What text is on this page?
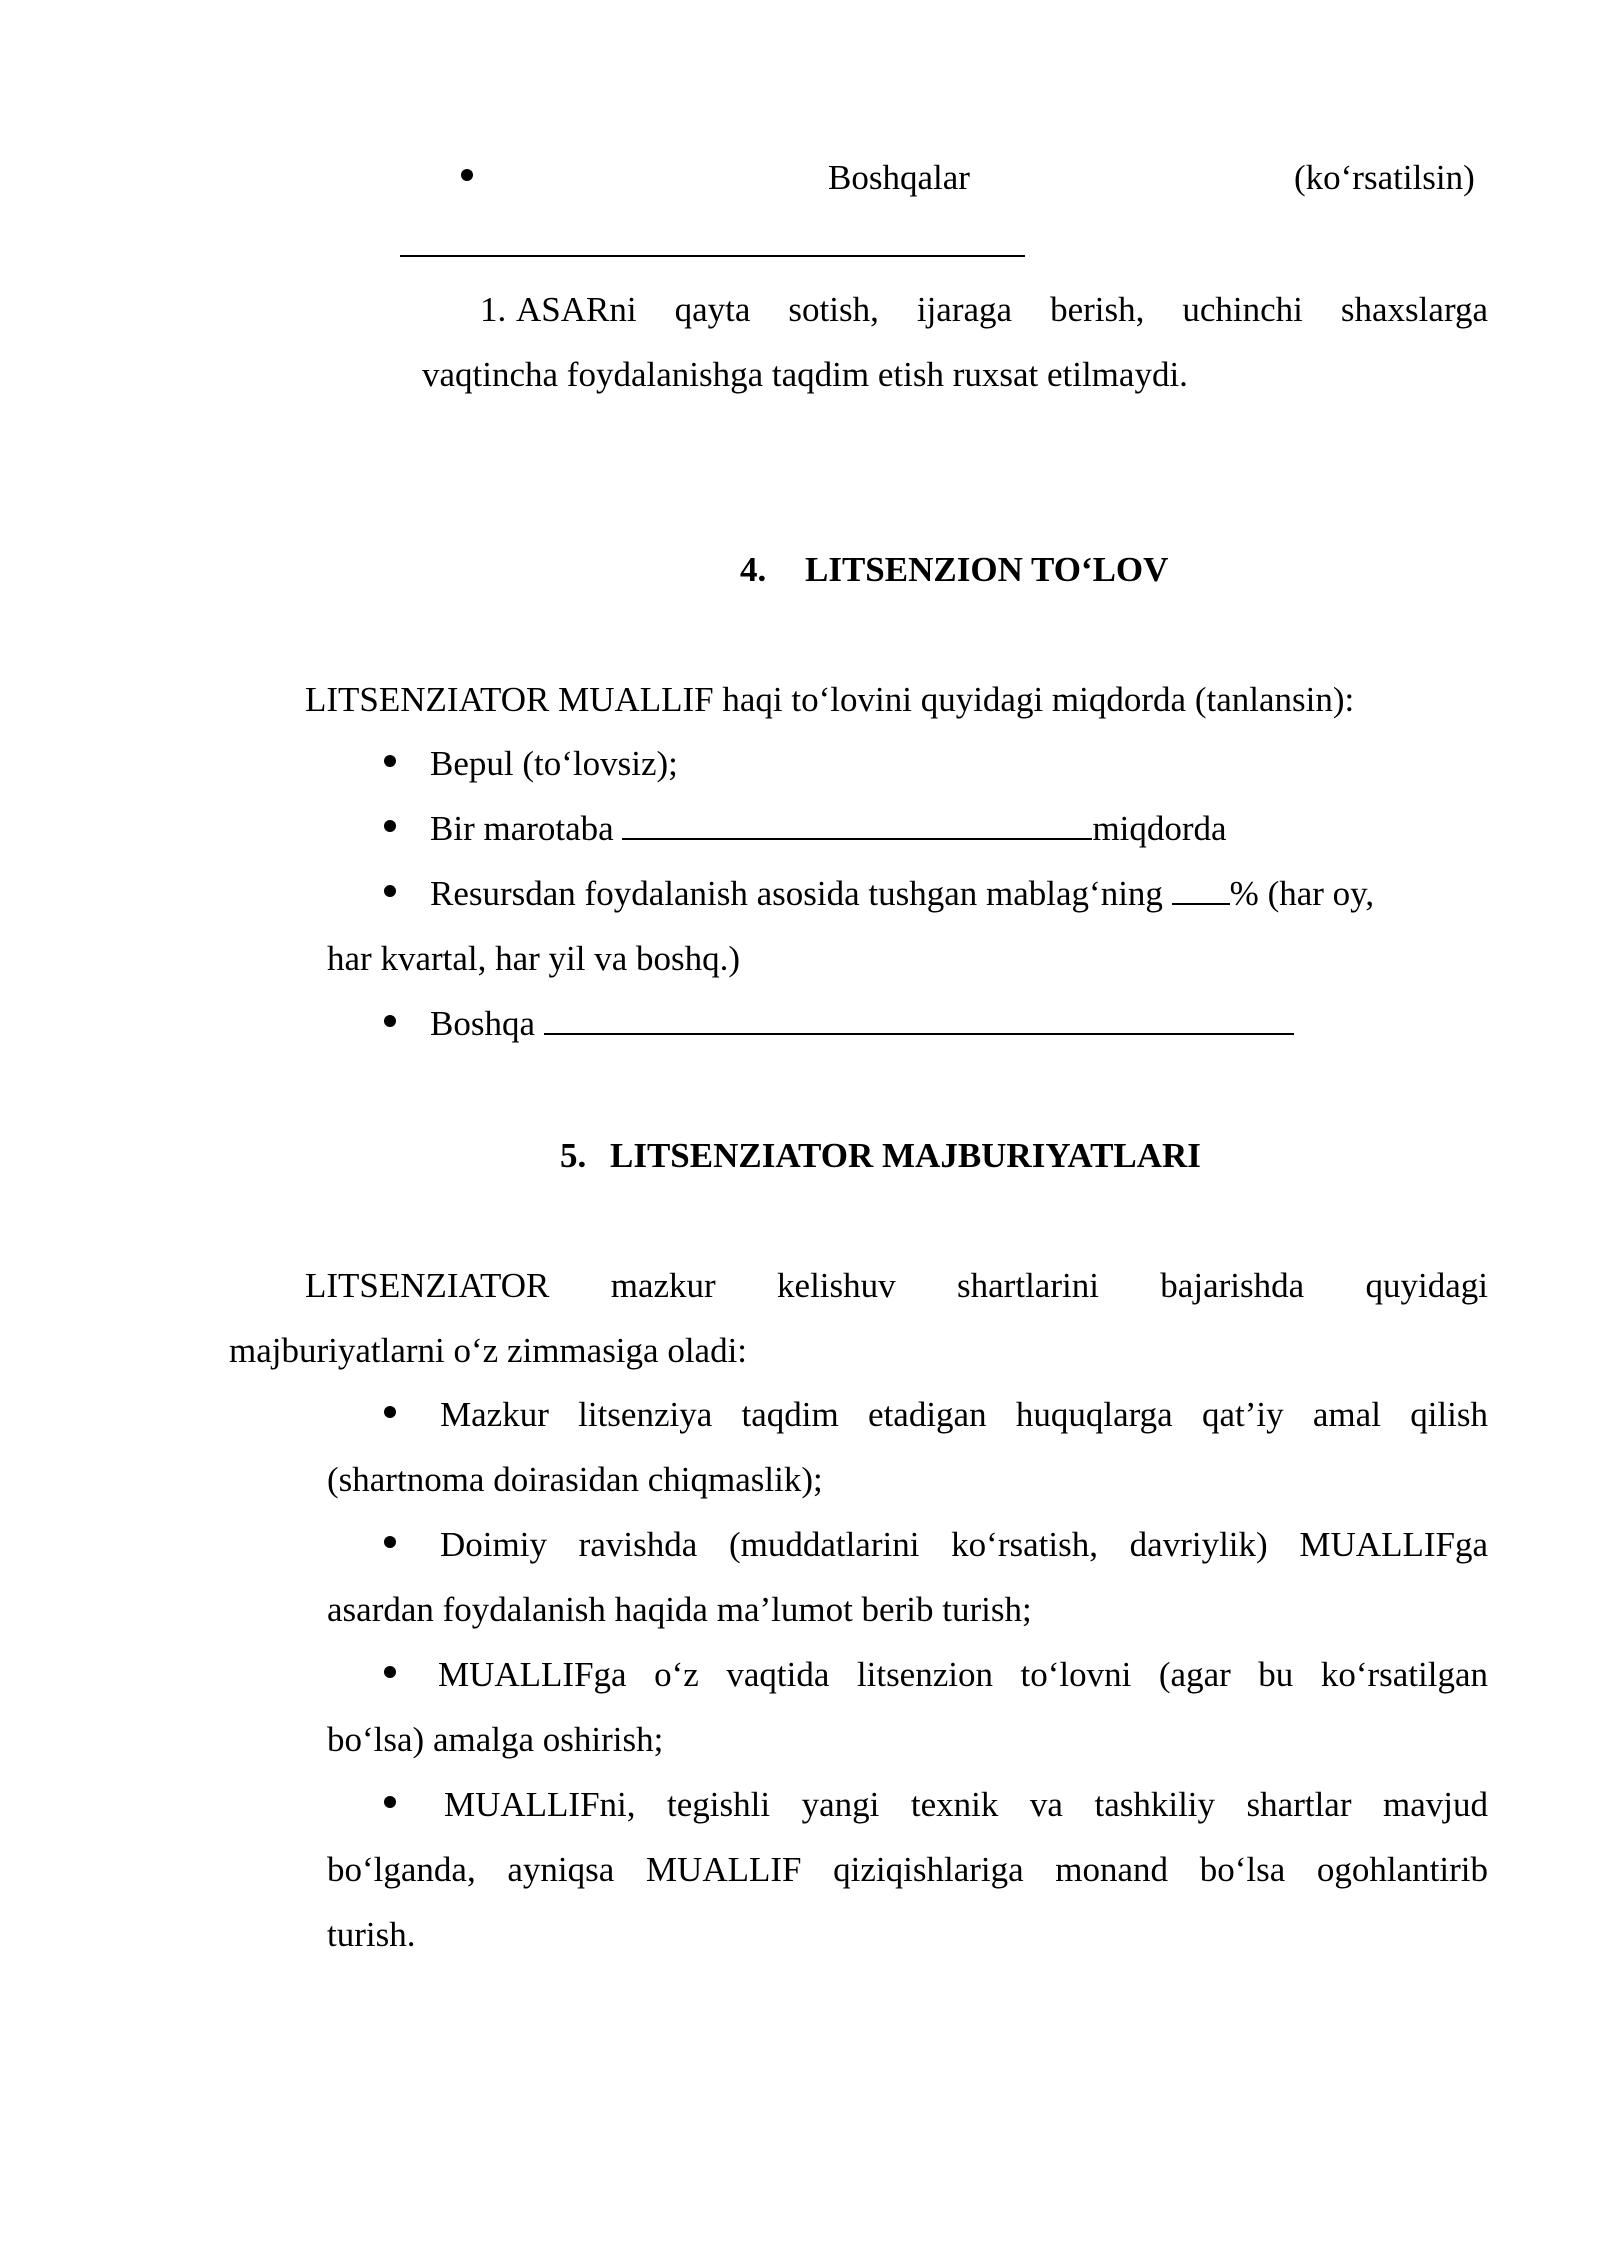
Boshqalar	(ko‘rsatilsin)
1. ASARni qayta sotish, ijaraga berish, uchinchi shaxslarga
vaqtincha foydalanishga taqdim etish ruxsat etilmaydi.
4. LITSENZION TO‘LOV
LITSENZIATOR MUALLIF haqi to‘lovini quyidagi miqdorda (tanlansin):
Bepul (to‘lovsiz);
Bir marotaba	miqdorda
Resursdan foydalanish asosida tushgan mablag‘ning % (har oy,
har kvartal, har yil va boshq.)
Boshqa
5. LITSENZIATOR MAJBURIYATLARI
LITSENZIATOR mazkur kelishuv shartlarini bajarishda quyidagi
majburiyatlarni o‘z zimmasiga oladi:
Mazkur litsenziya taqdim etadigan huquqlarga qat’iy amal qilish
(shartnoma doirasidan chiqmaslik);
Doimiy ravishda (muddatlarini ko‘rsatish, davriylik) MUALLIFga
asardan foydalanish haqida ma’lumot berib turish;
MUALLIFga o‘z vaqtida litsenzion to‘lovni (agar bu ko‘rsatilgan
bo‘lsa) amalga oshirish;
MUALLIFni, tegishli yangi texnik va tashkiliy shartlar mavjud
bo‘lganda, ayniqsa MUALLIF qiziqishlariga monand bo‘lsa ogohlantirib
turish.
